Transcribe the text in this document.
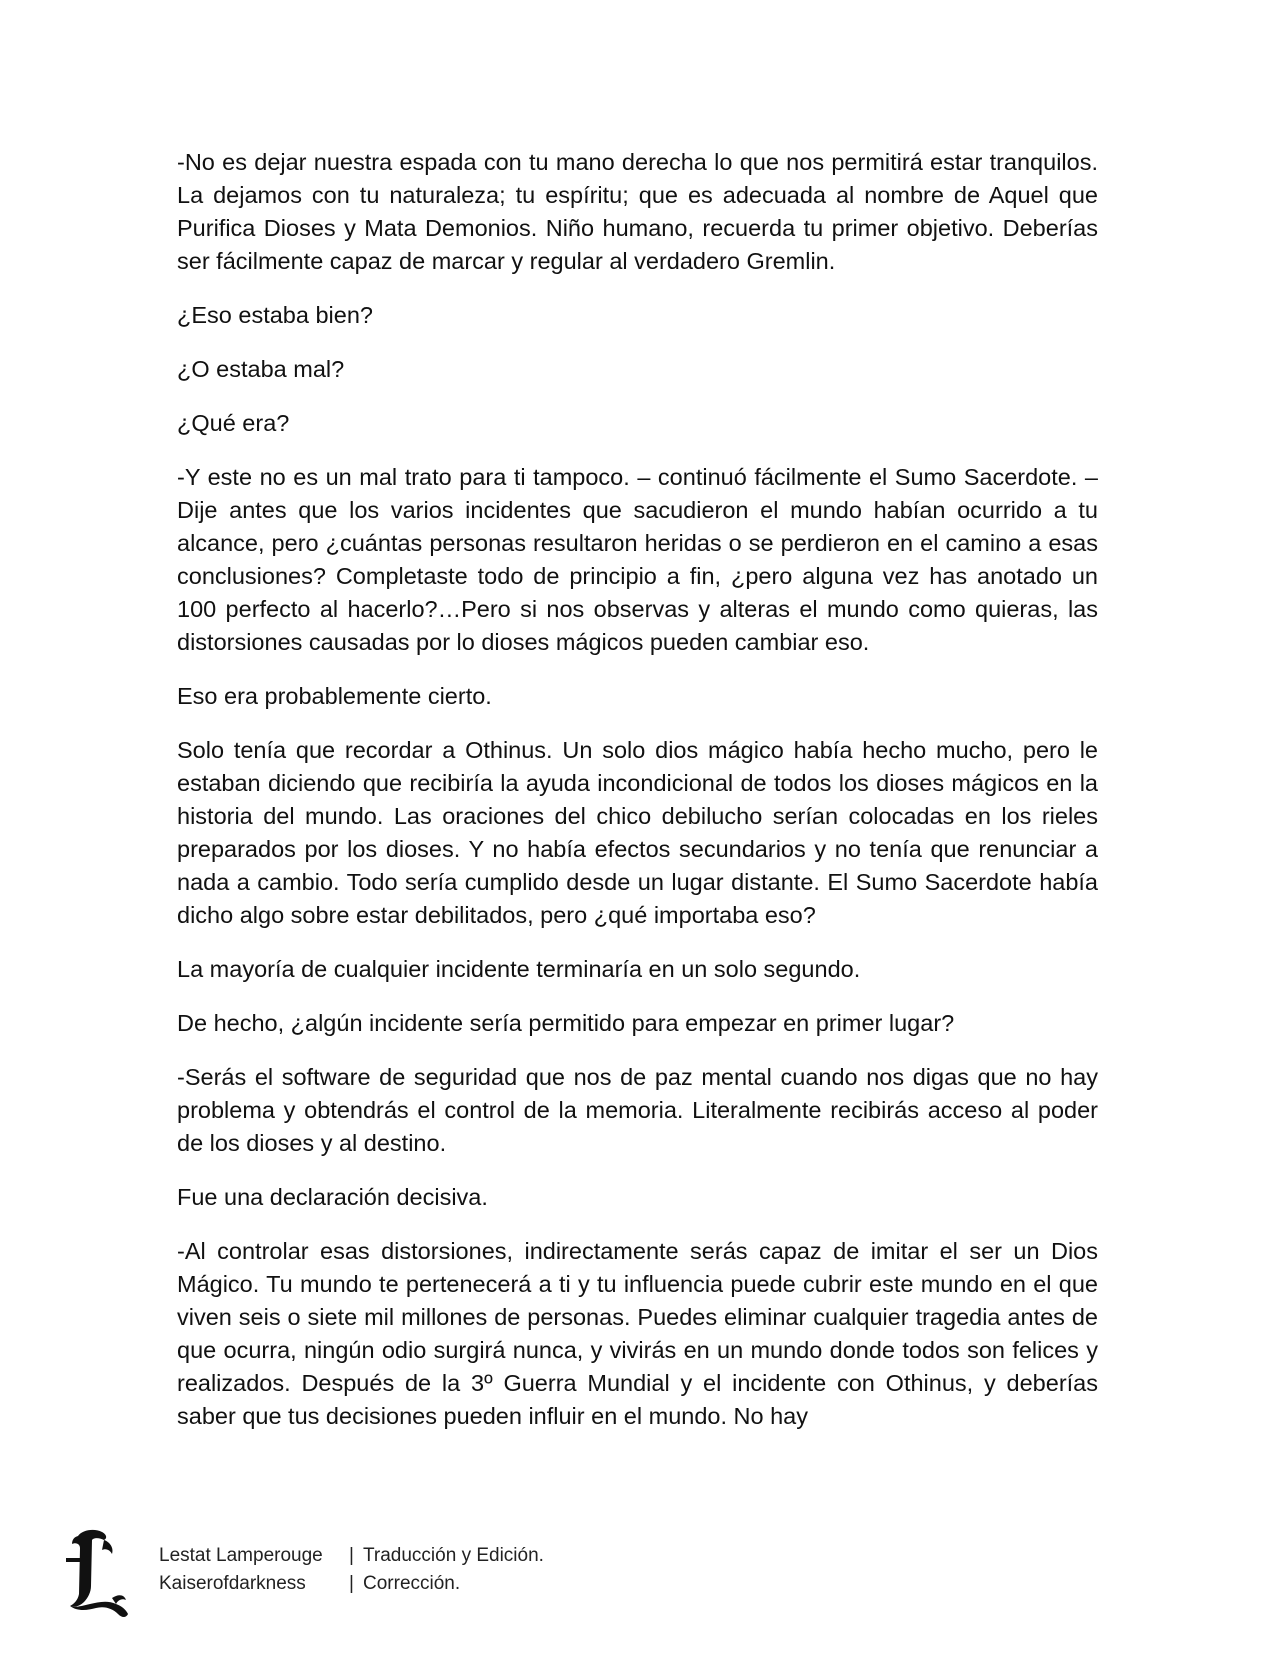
-No es dejar nuestra espada con tu mano derecha lo que nos permitirá estar tranquilos. La dejamos con tu naturaleza; tu espíritu; que es adecuada al nombre de Aquel que Purifica Dioses y Mata Demonios. Niño humano, recuerda tu primer objetivo. Deberías ser fácilmente capaz de marcar y regular al verdadero Gremlin.

¿Eso estaba bien?

¿O estaba mal?

¿Qué era?

-Y este no es un mal trato para ti tampoco. – continuó fácilmente el Sumo Sacerdote. – Dije antes que los varios incidentes que sacudieron el mundo habían ocurrido a tu alcance, pero ¿cuántas personas resultaron heridas o se perdieron en el camino a esas conclusiones? Completaste todo de principio a fin, ¿pero alguna vez has anotado un 100 perfecto al hacerlo?…Pero si nos observas y alteras el mundo como quieras, las distorsiones causadas por lo dioses mágicos pueden cambiar eso.

Eso era probablemente cierto.

Solo tenía que recordar a Othinus. Un solo dios mágico había hecho mucho, pero le estaban diciendo que recibiría la ayuda incondicional de todos los dioses mágicos en la historia del mundo. Las oraciones del chico debilucho serían colocadas en los rieles preparados por los dioses. Y no había efectos secundarios y no tenía que renunciar a nada a cambio. Todo sería cumplido desde un lugar distante. El Sumo Sacerdote había dicho algo sobre estar debilitados, pero ¿qué importaba eso?

La mayoría de cualquier incidente terminaría en un solo segundo.

De hecho, ¿algún incidente sería permitido para empezar en primer lugar?

-Serás el software de seguridad que nos de paz mental cuando nos digas que no hay problema y obtendrás el control de la memoria. Literalmente recibirás acceso al poder de los dioses y al destino.

Fue una declaración decisiva.

-Al controlar esas distorsiones, indirectamente serás capaz de imitar el ser un Dios Mágico. Tu mundo te pertenecerá a ti y tu influencia puede cubrir este mundo en el que viven seis o siete mil millones de personas. Puedes eliminar cualquier tragedia antes de que ocurra, ningún odio surgirá nunca, y vivirás en un mundo donde todos son felices y realizados. Después de la 3º Guerra Mundial y el incidente con Othinus, y deberías saber que tus decisiones pueden influir en el mundo. No hay

Lestat Lamperouge	| Traducción y Edición.
Kaiserofdarkness	| Corrección.
